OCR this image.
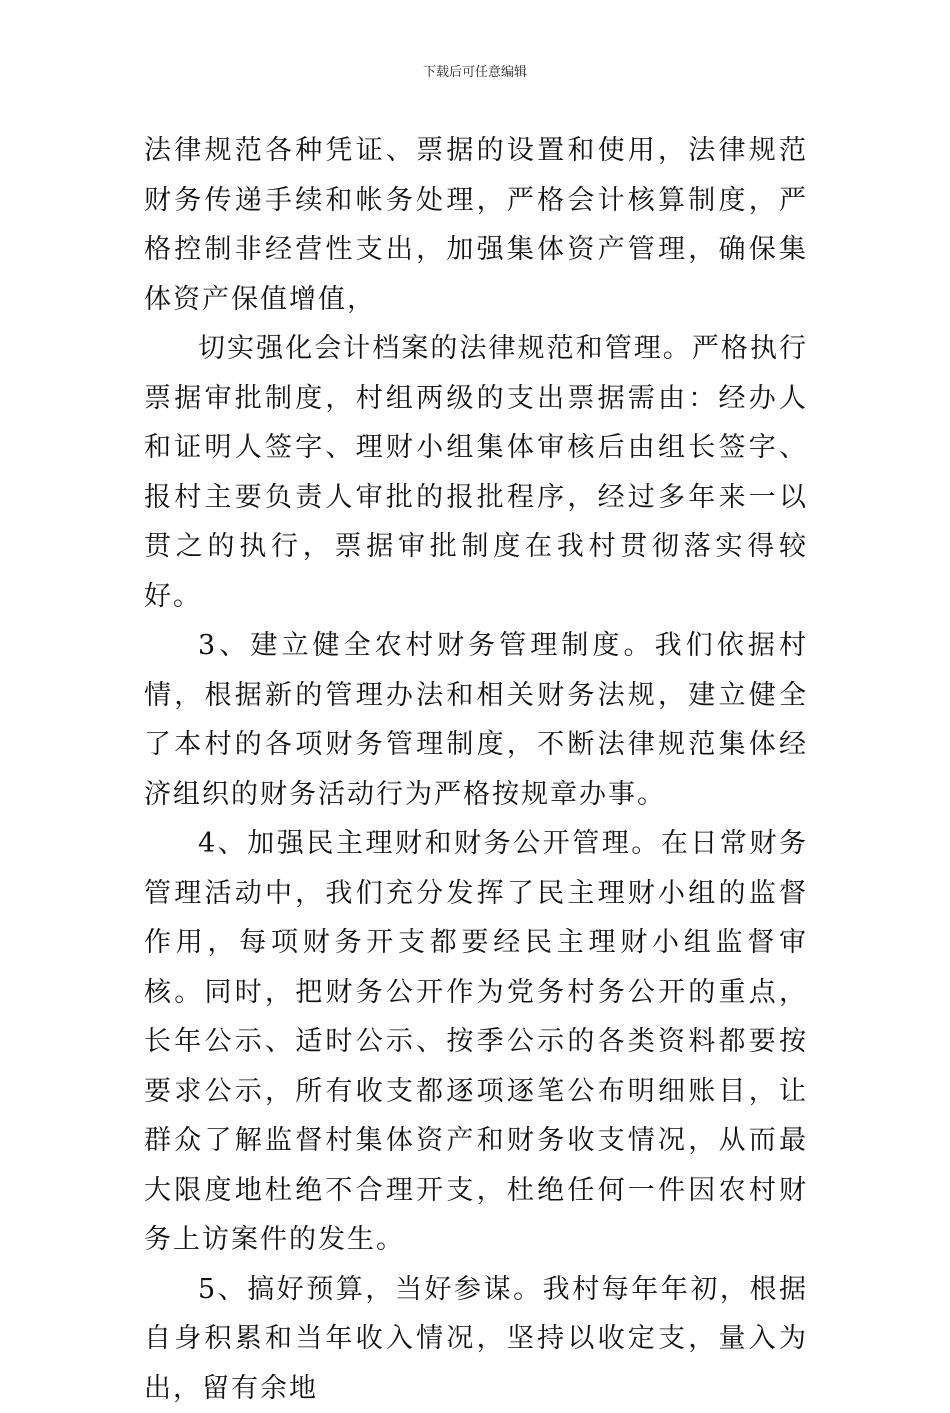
下载后可任意编辑

法律规范各种凭证、票据的设置和使用，法律规范财务传递手续和帐务处理，严格会计核算制度，严格控制非经营性支出，加强集体资产管理，确保集体资产保值增值，

切实强化会计档案的法律规范和管理。严格执行票据审批制度，村组两级的支出票据需由：经办人和证明人签字、理财小组集体审核后由组长签字、报村主要负责人审批的报批程序，经过多年来一以贯之的执行，票据审批制度在我村贯彻落实得较好。

3、建立健全农村财务管理制度。我们依据村情，根据新的管理办法和相关财务法规，建立健全了本村的各项财务管理制度，不断法律规范集体经济组织的财务活动行为严格按规章办事。

4、加强民主理财和财务公开管理。在日常财务管理活动中，我们充分发挥了民主理财小组的监督作用，每项财务开支都要经民主理财小组监督审核。同时，把财务公开作为党务村务公开的重点，长年公示、适时公示、按季公示的各类资料都要按要求公示，所有收支都逐项逐笔公布明细账目，让群众了解监督村集体资产和财务收支情况，从而最大限度地杜绝不合理开支，杜绝任何一件因农村财务上访案件的发生。

5、搞好预算，当好参谋。我村每年年初，根据自身积累和当年收入情况，坚持以收定支，量入为出，留有余地
